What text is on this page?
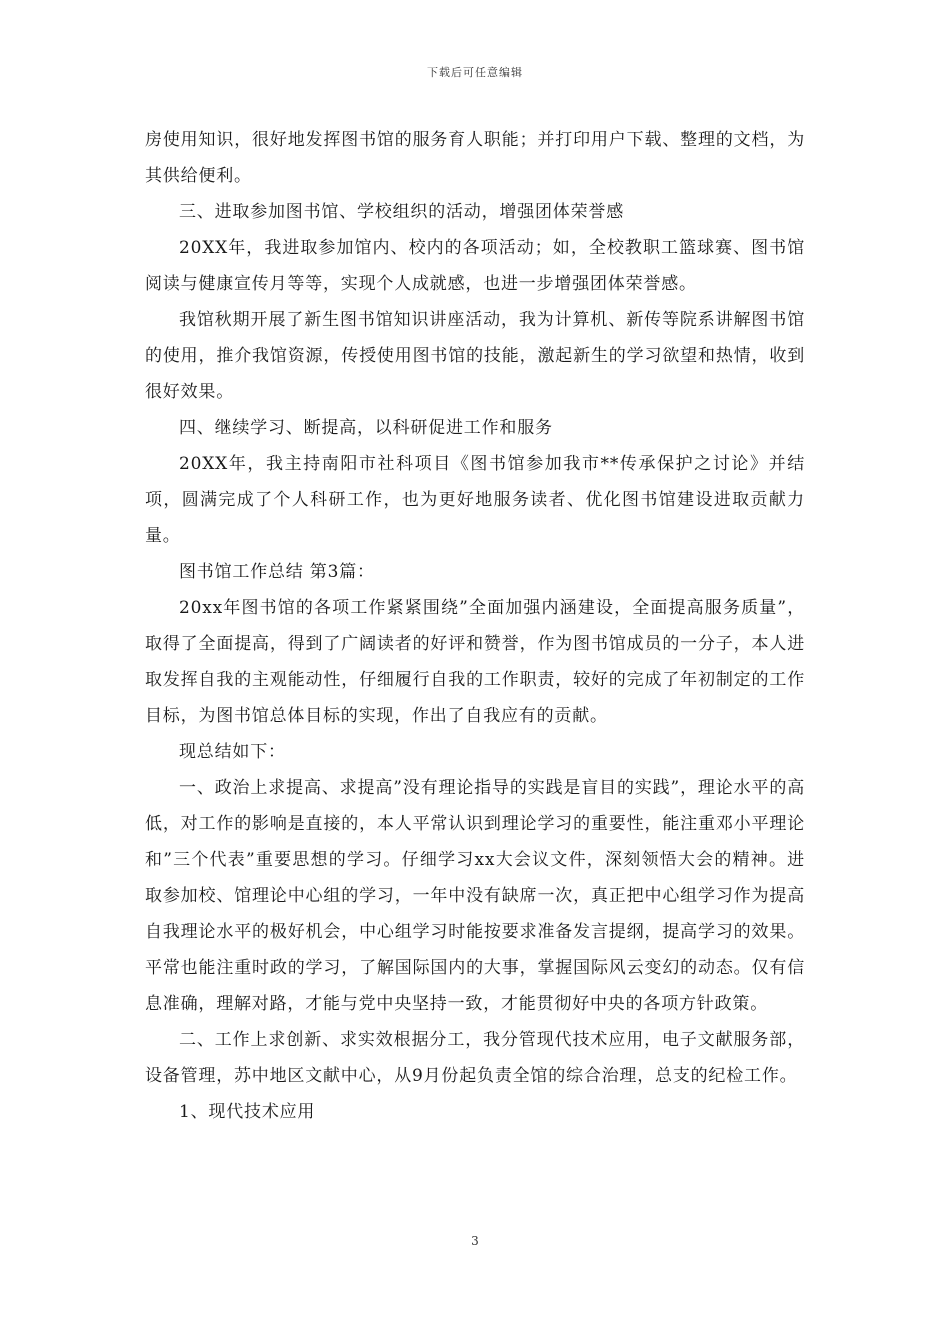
下载后可任意编辑

房使用知识，很好地发挥图书馆的服务育人职能；并打印用户下载、整理的文档，为其供给便利。

三、进取参加图书馆、学校组织的活动，增强团体荣誉感

20XX年，我进取参加馆内、校内的各项活动；如，全校教职工篮球赛、图书馆阅读与健康宣传月等等，实现个人成就感，也进一步增强团体荣誉感。

我馆秋期开展了新生图书馆知识讲座活动，我为计算机、新传等院系讲解图书馆的使用，推介我馆资源，传授使用图书馆的技能，激起新生的学习欲望和热情，收到很好效果。

四、继续学习、断提高，以科研促进工作和服务

20XX年，我主持南阳市社科项目《图书馆参加我市**传承保护之讨论》并结项，圆满完成了个人科研工作，也为更好地服务读者、优化图书馆建设进取贡献力量。

图书馆工作总结 第3篇：

20xx年图书馆的各项工作紧紧围绕”全面加强内涵建设，全面提高服务质量”，取得了全面提高，得到了广阔读者的好评和赞誉，作为图书馆成员的一分子，本人进取发挥自我的主观能动性，仔细履行自我的工作职责，较好的完成了年初制定的工作目标，为图书馆总体目标的实现，作出了自我应有的贡献。

现总结如下：

一、政治上求提高、求提高”没有理论指导的实践是盲目的实践”，理论水平的高低，对工作的影响是直接的，本人平常认识到理论学习的重要性，能注重邓小平理论和”三个代表”重要思想的学习。仔细学习xx大会议文件，深刻领悟大会的精神。进取参加校、馆理论中心组的学习，一年中没有缺席一次，真正把中心组学习作为提高自我理论水平的极好机会，中心组学习时能按要求准备发言提纲，提高学习的效果。平常也能注重时政的学习，了解国际国内的大事，掌握国际风云变幻的动态。仅有信息准确，理解对路，才能与党中央坚持一致，才能贯彻好中央的各项方针政策。

二、工作上求创新、求实效根据分工，我分管现代技术应用，电子文献服务部，设备管理，苏中地区文献中心，从9月份起负责全馆的综合治理，总支的纪检工作。

1、现代技术应用

3
